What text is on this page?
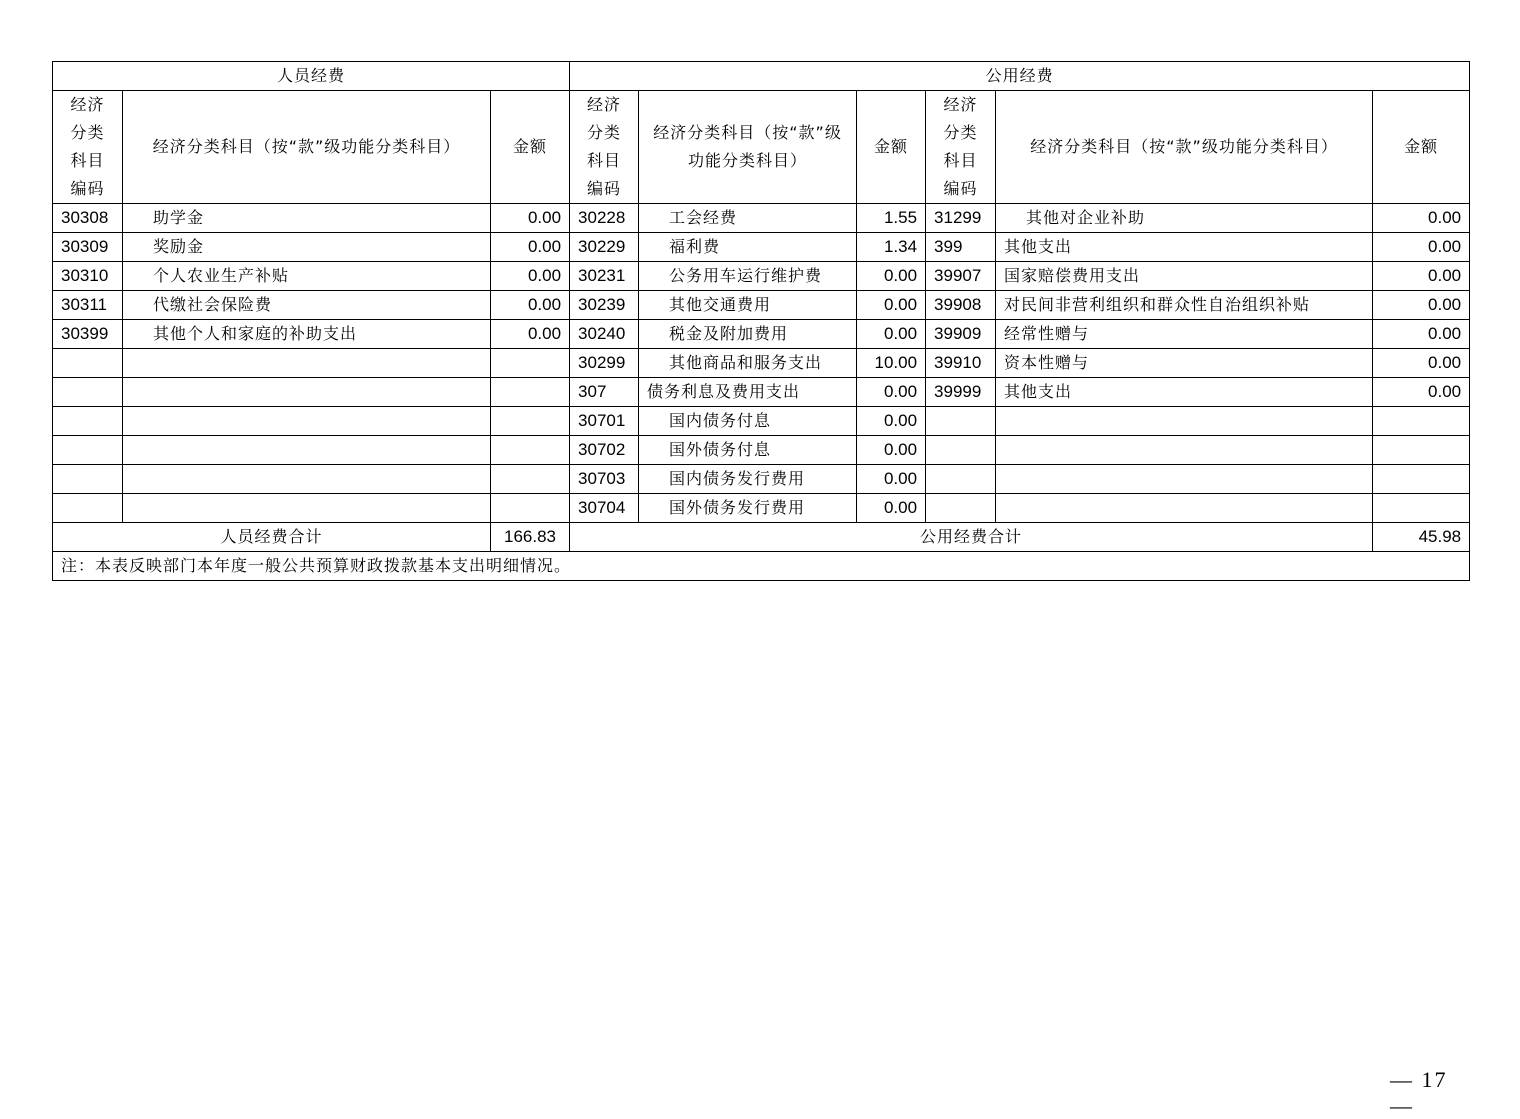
人员经费			公用经费					
经济分类科目编码	经济分类科目（按“款”级功能分类科目）	金额	经济分类科目编码	经济分类科目（按“款”级功能分类科目）	金额	经济分类科目编码	经济分类科目（按“款”级功能分类科目）	金额
30308	助学金	0.00	30228	工会经费	1.55	31299	其他对企业补助	0.00
30309	奖励金	0.00	30229	福利费	1.34	399	其他支出	0.00
30310	个人农业生产补贴	0.00	30231	公务用车运行维护费	0.00	39907	国家赔偿费用支出	0.00
30311	代缴社会保险费	0.00	30239	其他交通费用	0.00	39908	对民间非营利组织和群众性自治组织补贴	0.00
30399	其他个人和家庭的补助支出	0.00	30240	税金及附加费用	0.00	39909	经常性赠与	0.00
			30299	其他商品和服务支出	10.00	39910	资本性赠与	0.00
			307	债务利息及费用支出	0.00	39999	其他支出	0.00
			30701	国内债务付息	0.00			
			30702	国外债务付息	0.00			
			30703	国内债务发行费用	0.00			
			30704	国外债务发行费用	0.00			
人员经费合计		166.83	公用经费合计					45.98
注：本表反映部门本年度一般公共预算财政拨款基本支出明细情况。								
— 17 —
